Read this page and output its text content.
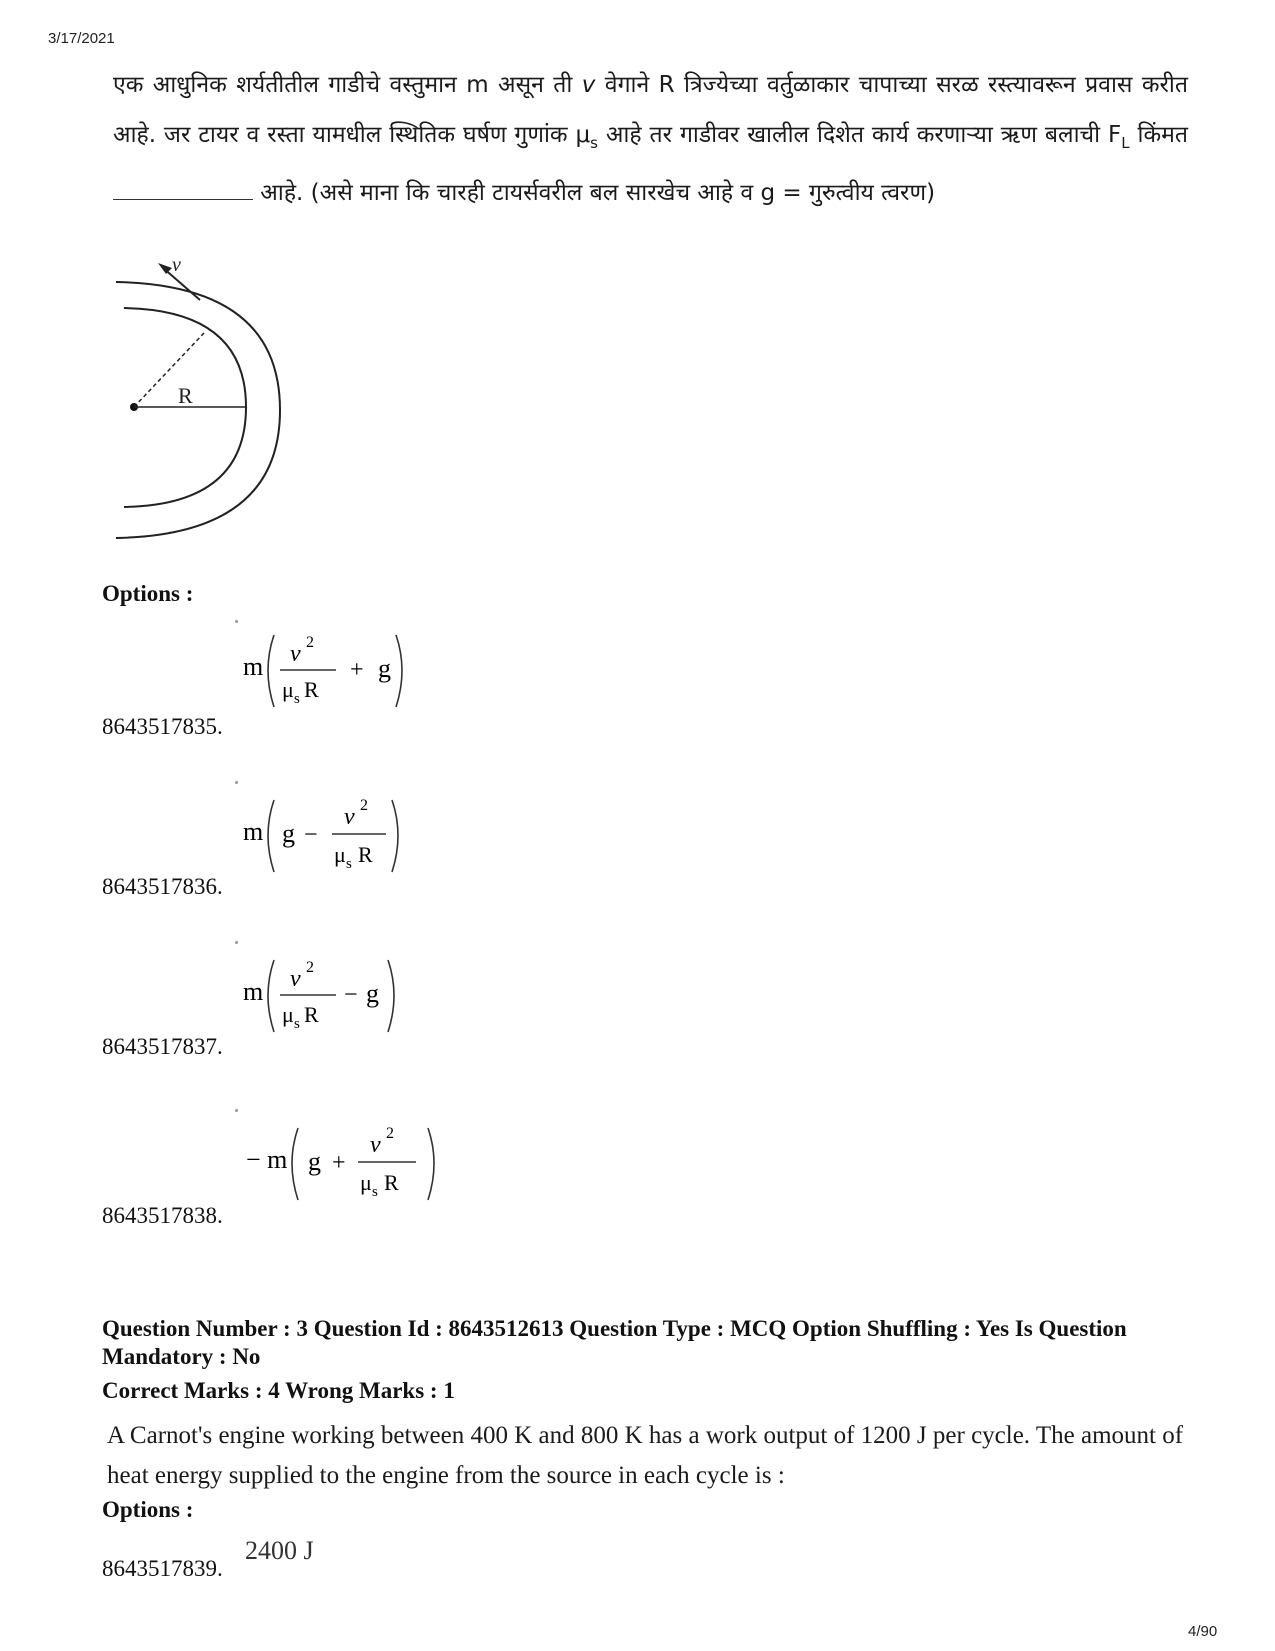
3/17/2021
एक आधुनिक शर्यतीतील गाडीचे वस्तुमान m असून ती v वेगाने R त्रिज्येच्या वर्तुळाकार चापाच्या सरळ रस्त्यावरून प्रवास करीत आहे. जर टायर व रस्ता यामधील स्थितिक घर्षण गुणांक $\mu_s$ आहे तर गाडीवर खालील दिशेत कार्य करणाऱ्या ऋण बलाची $F_L$ किंमत  आहे. (असे माना कि चारही टायर्सवरील बल सारखेच आहे व g = गुरुत्वीय त्वरण)
R
v
Options :
m v 2
μ s R
+ g
8643517835.
m g −
v 2
μ s R
8643517836.
m v 2
μ s R
− g
8643517837.
− m g +
v 2
μ s R
8643517838.
Question Number : 3 Question Id : 8643512613 Question Type : MCQ Option Shuffling : Yes Is Question Mandatory : No
Correct Marks : 4 Wrong Marks : 1
A Carnot's engine working between 400 K and 800 K has a work output of 1200 J per cycle. The amount of heat energy supplied to the engine from the source in each cycle is :
Options :
8643517839.
2400 J
4/90
